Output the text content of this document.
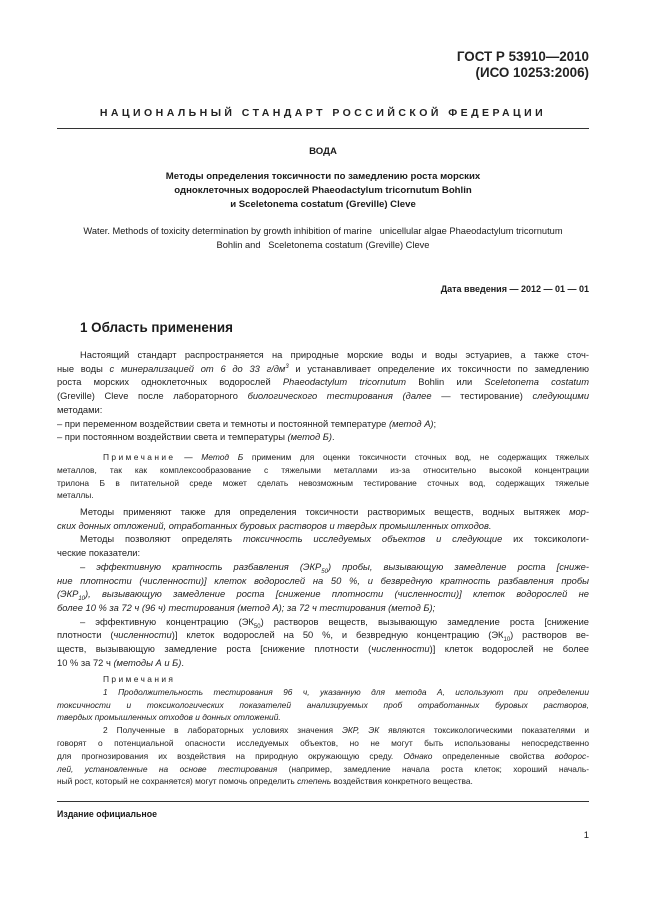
ГОСТ Р 53910—2010
(ИСО 10253:2006)
НАЦИОНАЛЬНЫЙ СТАНДАРТ РОССИЙСКОЙ ФЕДЕРАЦИИ
ВОДА
Методы определения токсичности по замедлению роста морских
одноклеточных водорослей Phaeodactylum tricornutum Bohlin
и Sceletonema costatum (Greville) Cleve
Water. Methods of toxicity determination by growth inhibition of marine   unicellular algae Phaeodactylum tricornutum
Bohlin and   Sceletonema costatum (Greville) Cleve
Дата введения — 2012 — 01 — 01
1 Область применения
Настоящий стандарт распространяется на природные морские воды и воды эстуариев, а также сточ-
ные воды с минерализацией от 6 до 33 $г/дм^3$ и устанавливает определение их токсичности по замедлению
роста морских одноклеточных водорослей Phaeodactylum tricornutum Bohlin или Sceletonema costatum
(Greville) Cleve после лабораторного биологического тестирования (далее — тестирование) следующими
методами:
– при переменном воздействии света и темноты и постоянной температуре (метод А);
– при постоянном воздействии света и температуры (метод Б).
Примечание — Метод Б применим для оценки токсичности сточных вод, не содержащих тяжелых
металлов, так как комплексообразование с тяжелыми металлами из-за относительно высокой концентрации
трилона Б в питательной среде может сделать невозможным тестирование сточных вод, содержащих тяжелые
металлы.
Методы применяют также для определения токсичности растворимых веществ, водных вытяжек мор-
ских донных отложений, отработанных буровых растворов и твердых промышленных отходов.
Методы позволяют определять токсичность исследуемых объектов и следующие их токсикологи-
ческие показатели:
– эффективную кратность разбавления $(ЭКР_{50})$ пробы, вызывающую замедление роста [сниже-
ние плотности (численности)] клеток водорослей на 50 %, и безвредную кратность разбавления пробы
$(ЭКР_{10})$, вызывающую замедление роста [снижение плотности (численности)] клеток водорослей не
более 10 % за 72 ч (96 ч) тестирования (метод А); за 72 ч тестирования (метод Б);
– эффективную концентрацию $(ЭК_{50})$ растворов веществ, вызывающую замедление роста [снижение
плотности (численности)] клеток водорослей на 50 %, и безвредную концентрацию $(ЭК_{10})$ растворов ве-
ществ, вызывающую замедление роста [снижение плотности (численности)] клеток водорослей не более
10 % за 72 ч (методы А и Б).
Примечания
1 Продолжительность тестирования 96 ч, указанную для метода А, используют при определении
токсичности и токсикологических показателей анализируемых проб отработанных буровых растворов,
твердых промышленных отходов и донных отложений.
2 Полученные в лабораторных условиях значения ЭКР, ЭК являются токсикологическими показателями и
говорят о потенциальной опасности исследуемых объектов, но не могут быть использованы непосредственно
для прогнозирования их воздействия на природную окружающую среду. Однако определенные свойства водорос-
лей, установленные на основе тестирования (например, замедление начала роста клеток; хороший началь-
ный рост, который не сохраняется) могут помочь определить степень воздействия конкретного вещества.
Издание официальное
1
